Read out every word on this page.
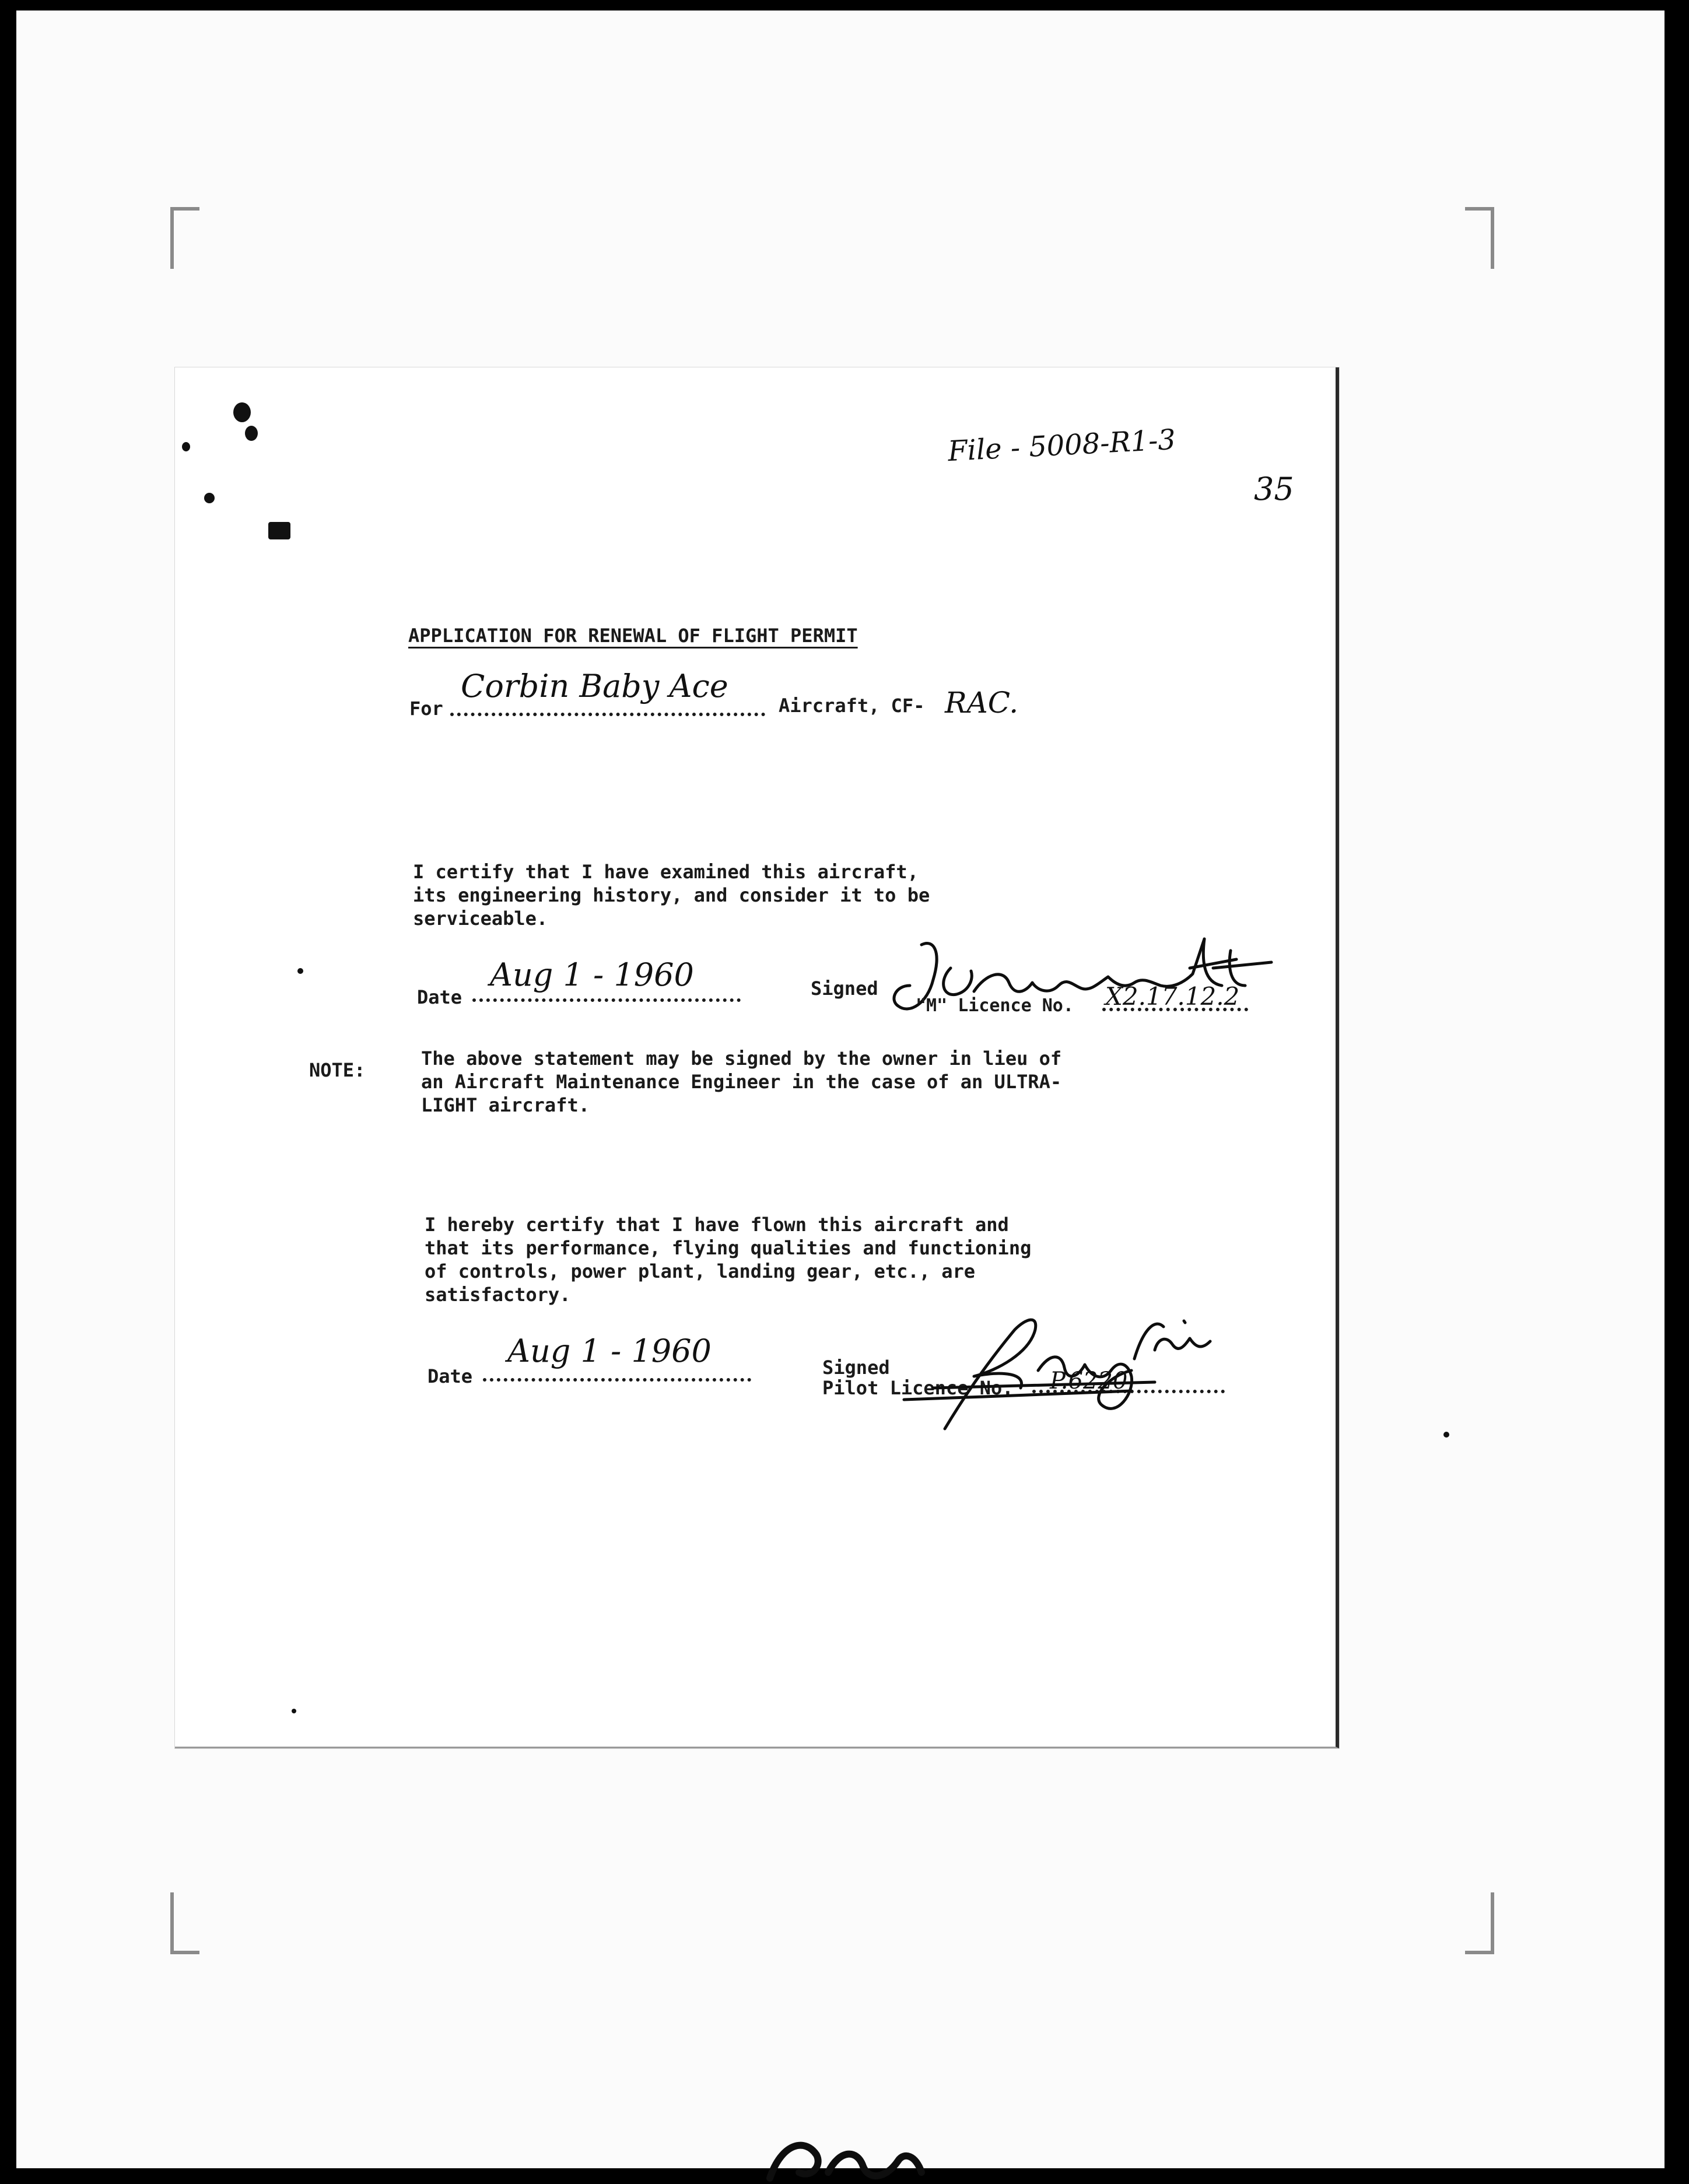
File - 5008-R1-3
35
APPLICATION FOR RENEWAL OF FLIGHT PERMIT
For
Corbin Baby Ace
Aircraft, CF- RAC.
I certify that I have examined this aircraft,
its engineering history, and consider it to be
serviceable.
Date
Aug 1 - 1960	Signed
"M" Licence No. X2.17.12.2
NOTE:
The above statement may be signed by the owner in lieu of
an Aircraft Maintenance Engineer in the case of an ULTRA-
LIGHT aircraft.
I hereby certify that I have flown this aircraft and
that its performance, flying qualities and functioning
of controls, power plant, landing gear, etc., are
satisfactory.
Date
Aug 1 - 1960	Signed
Pilot Licence No. P.6220
